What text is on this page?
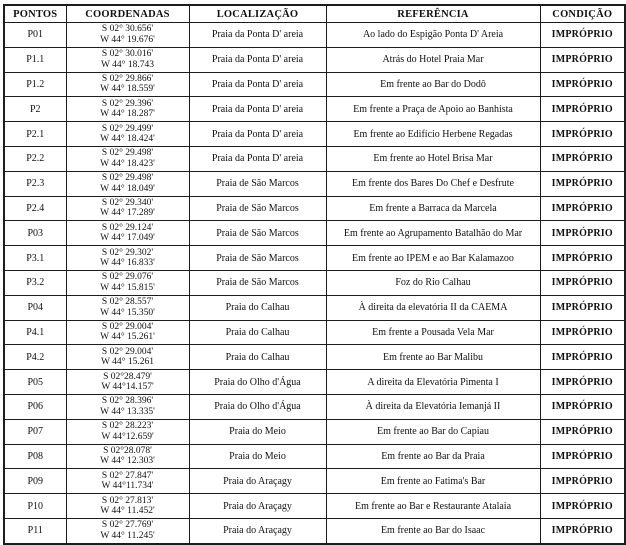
PONTOS	COORDENADAS	LOCALIZAÇÃO	REFERÊNCIA	CONDIÇÃO
P01	S 02° 30.656'
W 44° 19.676'	Praia da Ponta D' areia	Ao lado do Espigão Ponta D' Areia	IMPRÓPRIO
P1.1	S 02° 30.016'
W 44° 18.743	Praia da Ponta D' areia	Atrás do Hotel Praia Mar	IMPRÓPRIO
P1.2	S 02° 29.866'
W 44° 18.559'	Praia da Ponta D' areia	Em frente ao Bar do Dodô	IMPRÓPRIO
P2	S 02° 29.396'
W 44° 18.287'	Praia da Ponta D' areia	Em frente a Praça de Apoio ao Banhista	IMPRÓPRIO
P2.1	S 02° 29.499'
W 44° 18.424'	Praia da Ponta D' areia	Em frente ao Edifício Herbene Regadas	IMPRÓPRIO
P2.2	S 02° 29.498'
W 44° 18.423'	Praia da Ponta D' areia	Em frente ao Hotel Brisa Mar	IMPRÓPRIO
P2.3	S 02° 29.498'
W 44° 18.049'	Praia de São Marcos	Em frente dos Bares Do Chef e Desfrute	IMPRÓPRIO
P2.4	S 02° 29.340'
W 44° 17.289'	Praia de São Marcos	Em frente a Barraca da Marcela	IMPRÓPRIO
P03	S 02° 29.124'
W 44° 17.049'	Praia de São Marcos	Em frente ao Agrupamento Batalhão do Mar	IMPRÓPRIO
P3.1	S 02° 29.302'
W 44° 16.833'	Praia de São Marcos	Em frente ao IPEM e ao Bar Kalamazoo	IMPRÓPRIO
P3.2	S 02° 29.076'
W 44° 15.815'	Praia de São Marcos	Foz do Rio Calhau	IMPRÓPRIO
P04	S 02° 28.557'
W 44° 15.350'	Praia do Calhau	À direita da elevatória II da CAEMA	IMPRÓPRIO
P4.1	S 02° 29.004'
W 44° 15.261'	Praia do Calhau	Em frente a Pousada Vela Mar	IMPRÓPRIO
P4.2	S 02° 29.004'
W 44° 15.261	Praia do Calhau	Em frente ao Bar Malibu	IMPRÓPRIO
P05	S 02°28.479'
W 44°14.157'	Praia do Olho d'Água	A direita da Elevatória Pimenta I	IMPRÓPRIO
P06	S 02° 28.396'
W 44° 13.335'	Praia do Olho d'Água	À direita da Elevatória Iemanjá II	IMPRÓPRIO
P07	S 02° 28.223'
W 44°12.659'	Praia do Meio	Em frente ao Bar do Capiau	IMPRÓPRIO
P08	S 02°28.078'
W 44° 12.303'	Praia do Meio	Em frente ao Bar da Praia	IMPRÓPRIO
P09	S 02° 27.847'
W 44°11.734'	Praia do Araçagy	Em frente ao Fatima's Bar	IMPRÓPRIO
P10	S 02° 27.813'
W 44° 11.452'	Praia do Araçagy	Em frente ao Bar e Restaurante Atalaia	IMPRÓPRIO
P11	S 02° 27.769'
W 44° 11.245'	Praia do Araçagy	Em frente ao Bar do Isaac	IMPRÓPRIO
